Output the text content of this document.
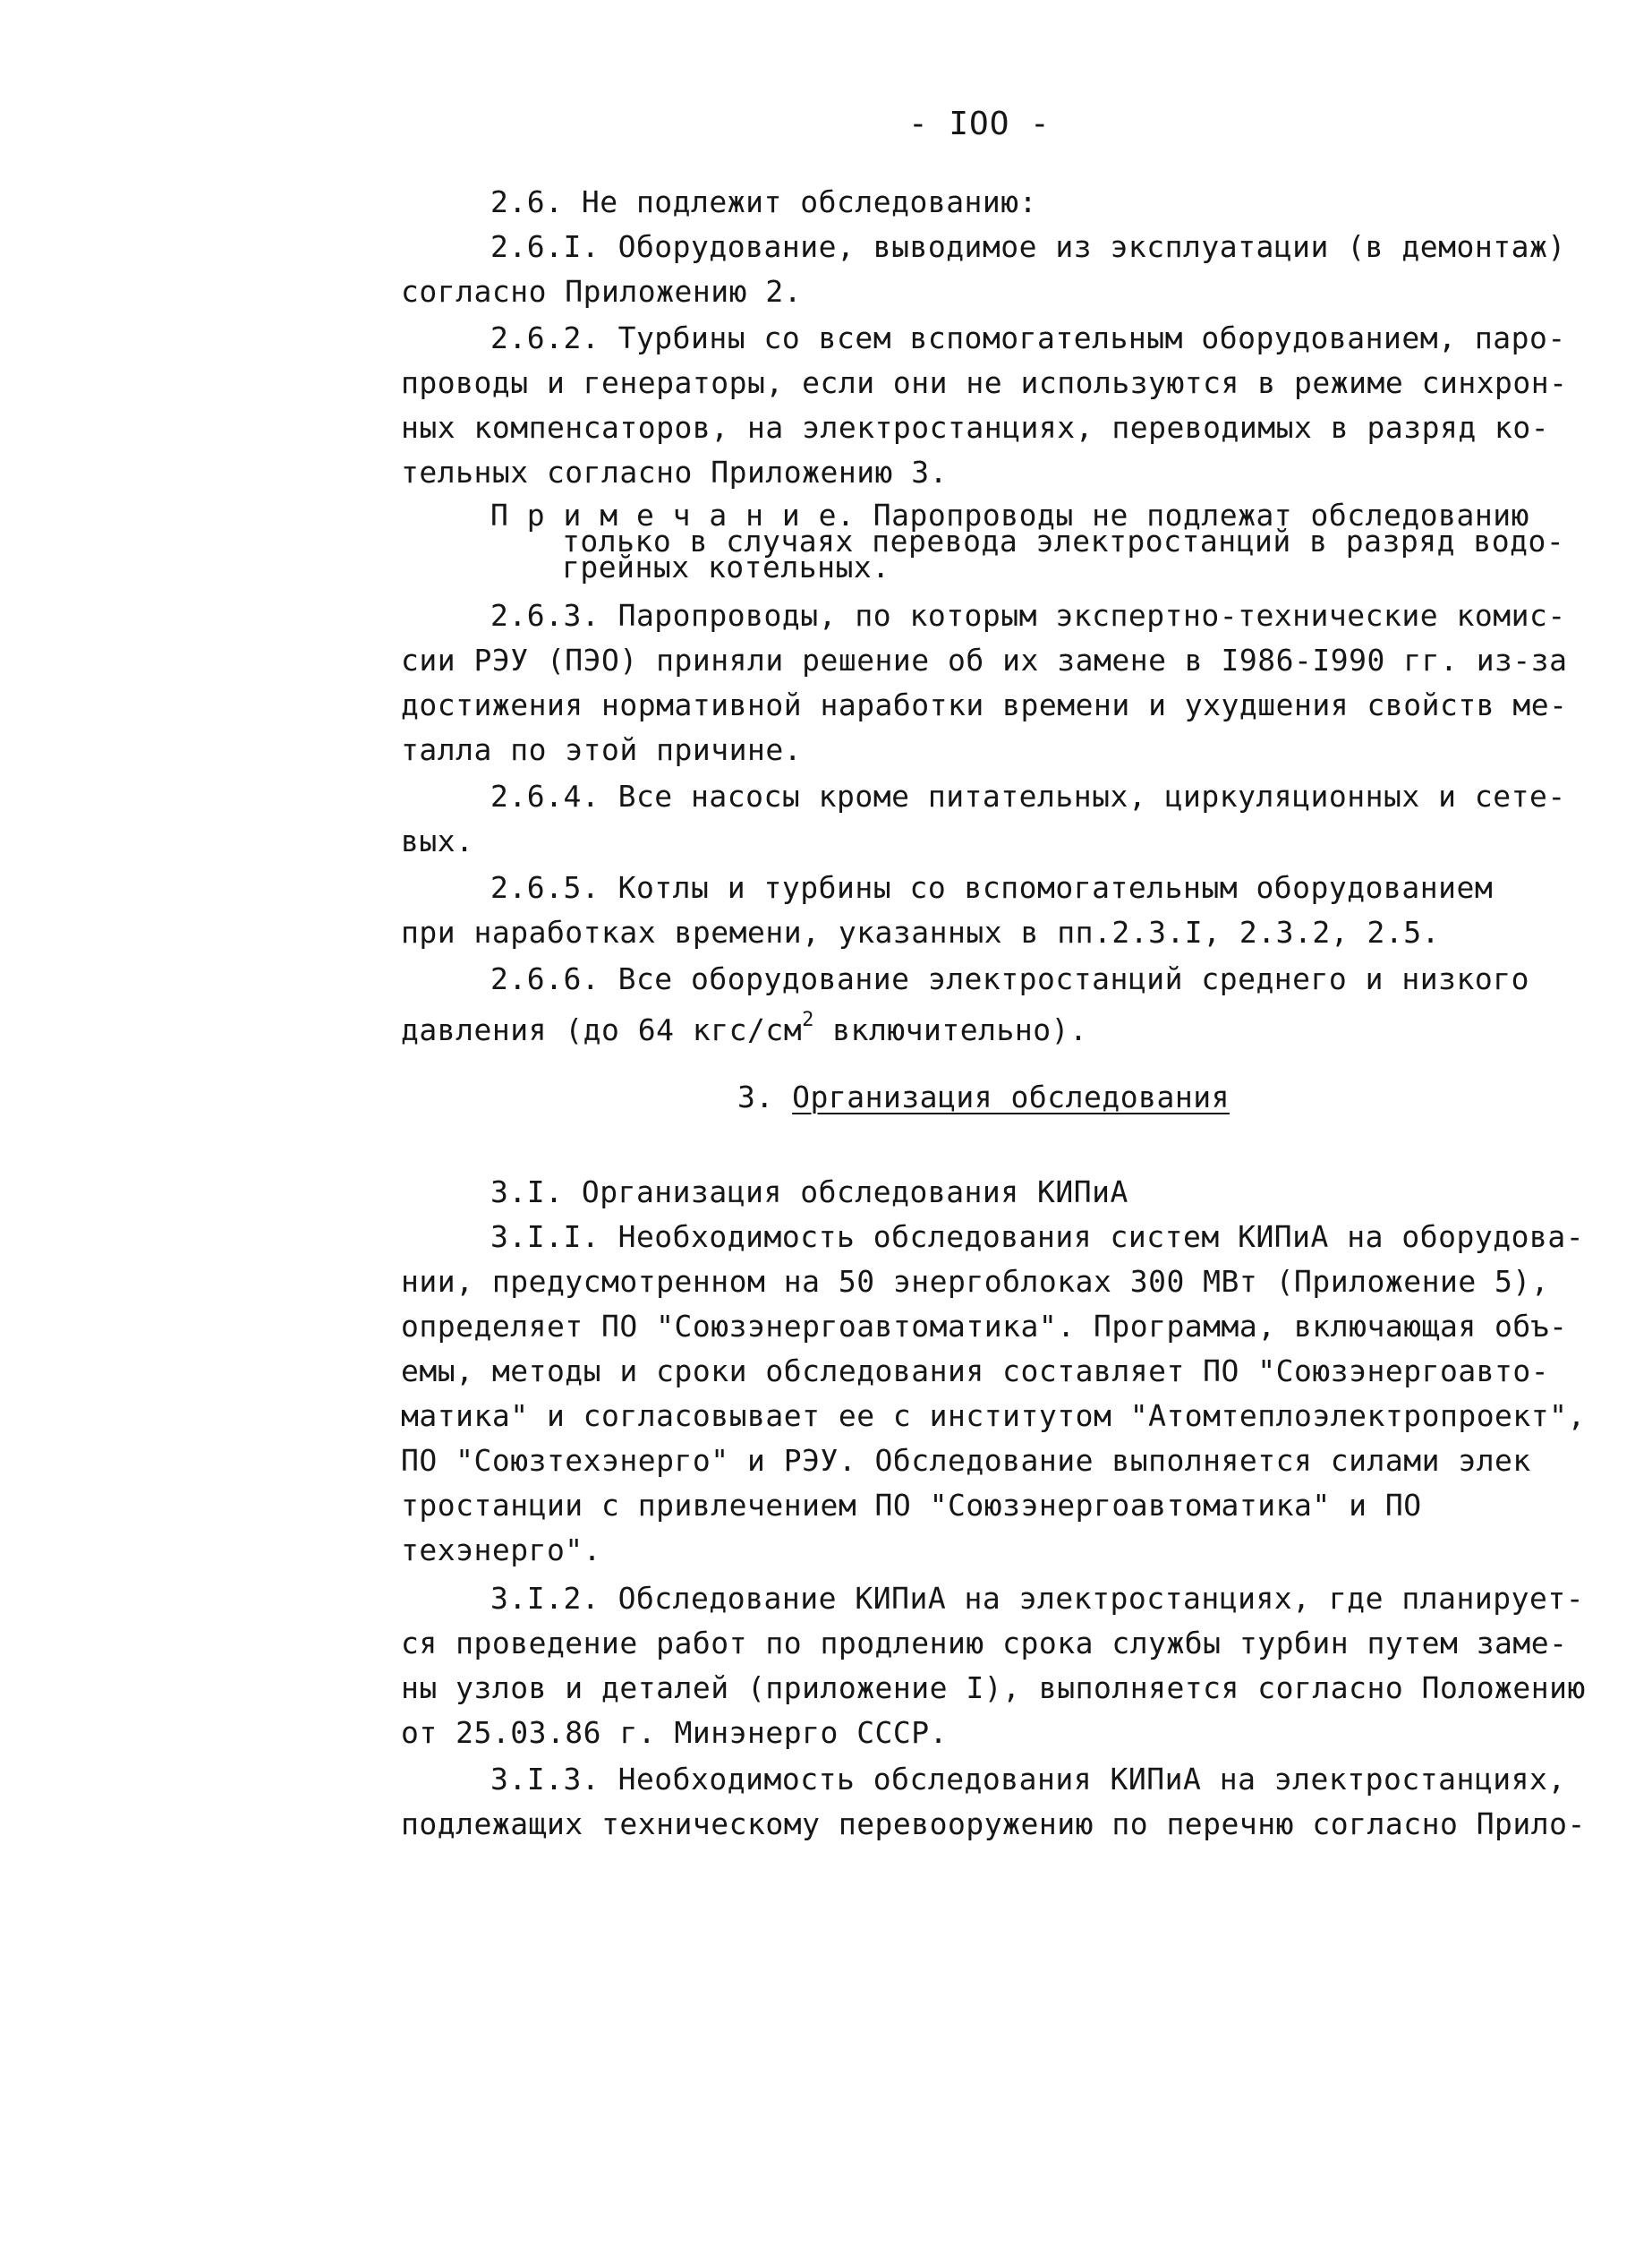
- IOO -
2.6. Не подлежит обследованию:
2.6.I. Оборудование, выводимое из эксплуатации (в демонтаж)
согласно Приложению 2.
2.6.2. Турбины со всем вспомогательным оборудованием, паро-
проводы и генераторы, если они не используются в режиме синхрон-
ных компенсаторов, на электростанциях, переводимых в разряд ко-
тельных согласно Приложению 3.
П р и м е ч а н и е. Паропроводы не подлежат обследованию
только в случаях перевода электростанций в разряд водо-
грейных котельных.
2.6.3. Паропроводы, по которым экспертно-технические комис-
сии РЭУ (ПЭО) приняли решение об их замене в I986-I990 гг. из-за
достижения нормативной наработки времени и ухудшения свойств ме-
талла по этой причине.
2.6.4. Все насосы кроме питательных, циркуляционных и сете-
вых.
2.6.5. Котлы и турбины со вспомогательным оборудованием
при наработках времени, указанных в пп.2.3.I, 2.3.2, 2.5.
2.6.6. Все оборудование электростанций среднего и низкого
давления (до 64 кгс/$см^2$ включительно).
3. Организация обследования
3.I. Организация обследования КИПиА
3.I.I. Необходимость обследования систем КИПиА на оборудова-
нии, предусмотренном на 50 энергоблоках 300 МВт (Приложение 5),
определяет ПО "Союзэнергоавтоматика". Программа, включающая объ-
емы, методы и сроки обследования составляет ПО "Союзэнергоавто-
матика" и согласовывает ее с институтом "Атомтеплоэлектропроект",
ПО "Союзтехэнерго" и РЭУ. Обследование выполняется силами элек
тростанции с привлечением ПО "Союзэнергоавтоматика" и ПО
техэнерго".
3.I.2. Обследование КИПиА на электростанциях, где планирует-
ся проведение работ по продлению срока службы турбин путем заме-
ны узлов и деталей (приложение I), выполняется согласно Положению
от 25.03.86 г. Минэнерго СССР.
3.I.3. Необходимость обследования КИПиА на электростанциях,
подлежащих техническому перевооружению по перечню согласно Прило-
